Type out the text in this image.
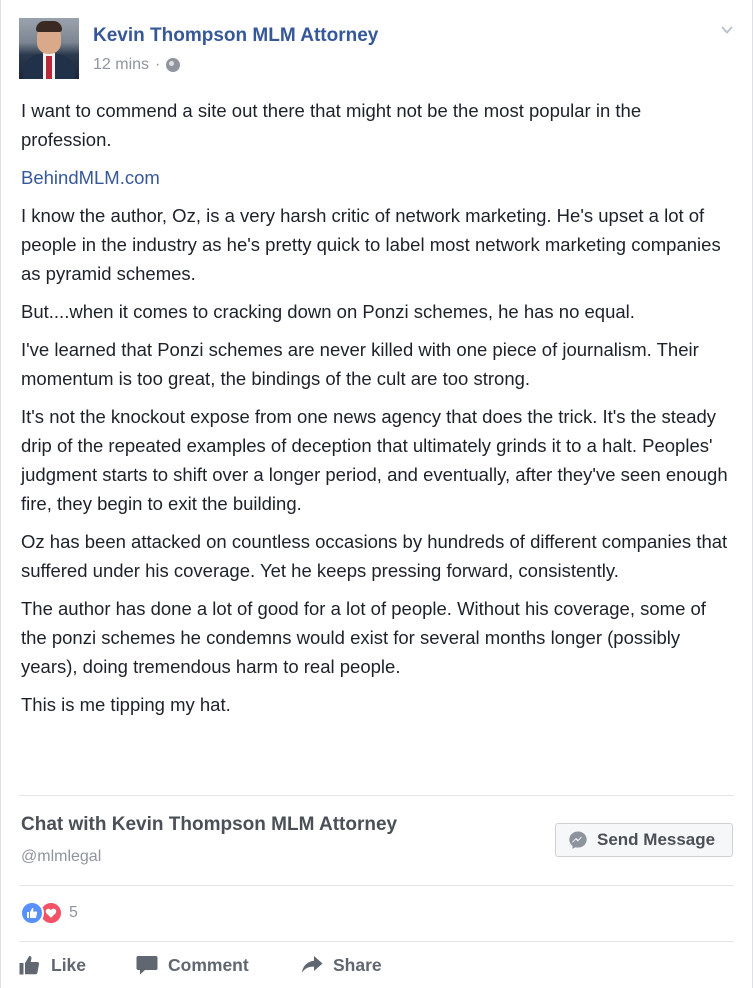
Kevin Thompson MLM Attorney
12 mins ·

I want to commend a site out there that might not be the most popular in the profession.

BehindMLM.com

I know the author, Oz, is a very harsh critic of network marketing. He's upset a lot of people in the industry as he's pretty quick to label most network marketing companies as pyramid schemes.

But....when it comes to cracking down on Ponzi schemes, he has no equal.

I've learned that Ponzi schemes are never killed with one piece of journalism. Their momentum is too great, the bindings of the cult are too strong.

It's not the knockout expose from one news agency that does the trick. It's the steady drip of the repeated examples of deception that ultimately grinds it to a halt. Peoples' judgment starts to shift over a longer period, and eventually, after they've seen enough fire, they begin to exit the building.

Oz has been attacked on countless occasions by hundreds of different companies that suffered under his coverage. Yet he keeps pressing forward, consistently.

The author has done a lot of good for a lot of people. Without his coverage, some of the ponzi schemes he condemns would exist for several months longer (possibly years), doing tremendous harm to real people.

This is me tipping my hat.

Chat with Kevin Thompson MLM Attorney
@mlmlegal
Send Message
5
Like	Comment	Share
